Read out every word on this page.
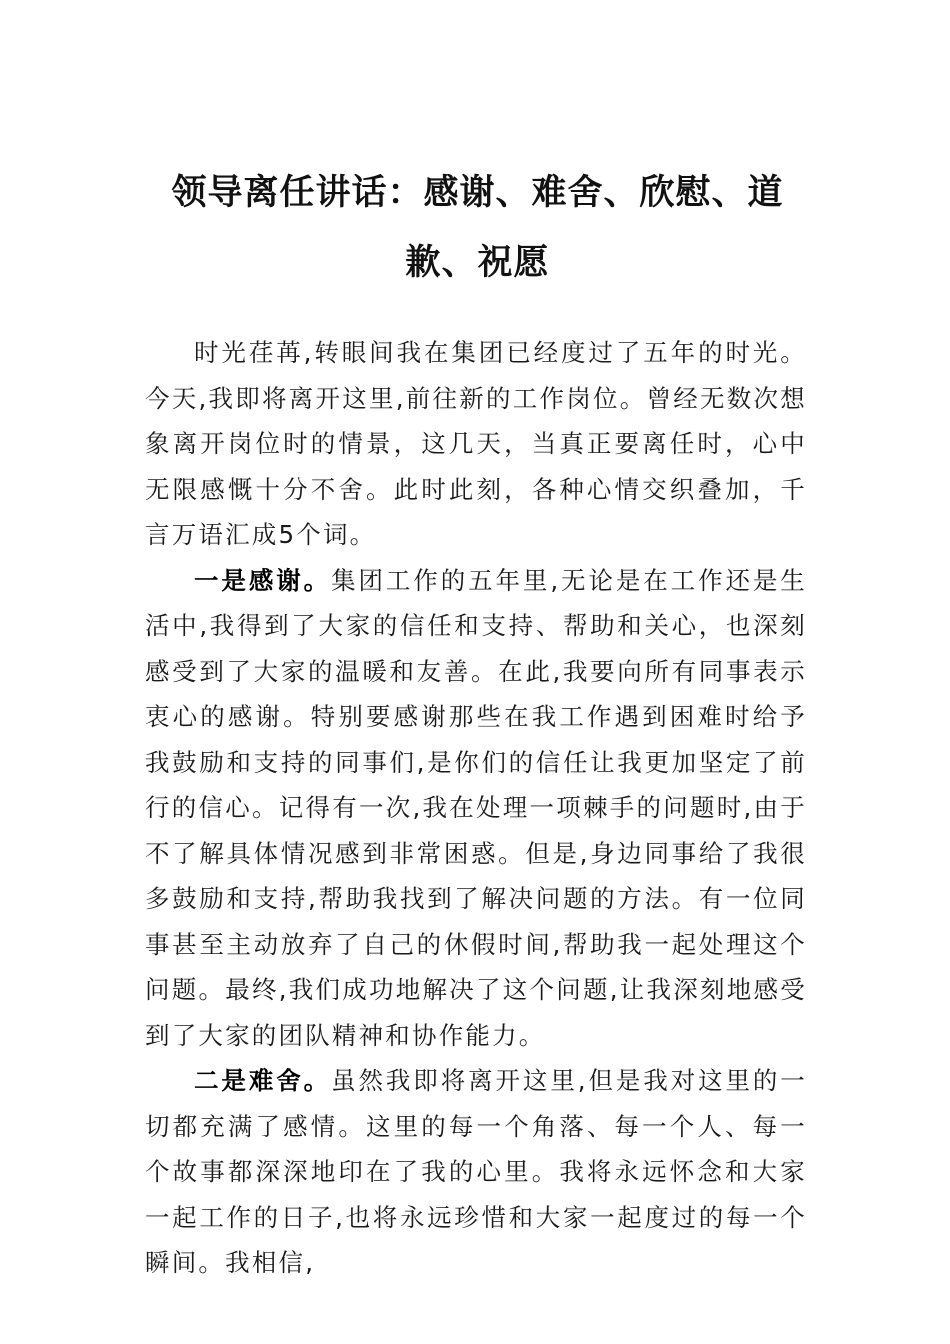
领导离任讲话：感谢、难舍、欣慰、道歉、祝愿

时光荏苒,转眼间我在集团已经度过了五年的时光。今天,我即将离开这里,前往新的工作岗位。曾经无数次想象离开岗位时的情景，这几天，当真正要离任时，心中无限感慨十分不舍。此时此刻，各种心情交织叠加，千言万语汇成5个词。

一是感谢。集团工作的五年里,无论是在工作还是生活中,我得到了大家的信任和支持、帮助和关心，也深刻感受到了大家的温暖和友善。在此,我要向所有同事表示衷心的感谢。特别要感谢那些在我工作遇到困难时给予我鼓励和支持的同事们,是你们的信任让我更加坚定了前行的信心。记得有一次,我在处理一项棘手的问题时,由于不了解具体情况感到非常困惑。但是,身边同事给了我很多鼓励和支持,帮助我找到了解决问题的方法。有一位同事甚至主动放弃了自己的休假时间,帮助我一起处理这个问题。最终,我们成功地解决了这个问题,让我深刻地感受到了大家的团队精神和协作能力。

二是难舍。虽然我即将离开这里,但是我对这里的一切都充满了感情。这里的每一个角落、每一个人、每一个故事都深深地印在了我的心里。我将永远怀念和大家一起工作的日子,也将永远珍惜和大家一起度过的每一个瞬间。我相信,
